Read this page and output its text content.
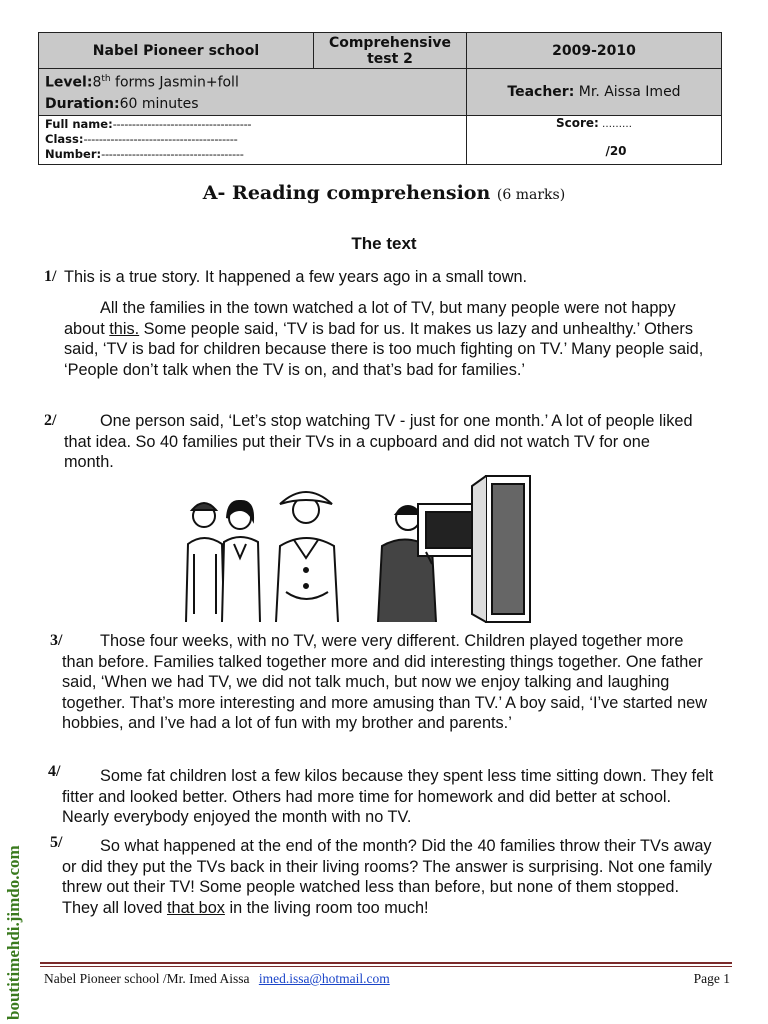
Nabel Pioneer school	Comprehensive test 2	2009-2010
Level:8th forms Jasmin+foll
Duration:60 minutes		Teacher: Mr. Aissa Imed
Full name:------------------------------------
Class:----------------------------------------
Number:-------------------------------------		Score: ………
/20
A- Reading comprehension (6 marks)
The text
1/ This is a true story. It happened a few years ago in a small town.
All the families in the town watched a lot of TV, but many people were not happy about this. Some people said, ‘TV is bad for us. It makes us lazy and unhealthy.’ Others said, ‘TV is bad for children because there is too much fighting on TV.’ Many people said, ‘People don’t talk when the TV is on, and that’s bad for families.’
2/	One person said, ‘Let’s stop watching TV - just for one month.’ A lot of people liked that idea. So 40 families put their TVs in a cupboard and did not watch TV for one month.
3/	Those four weeks, with no TV, were very different. Children played together more than before. Families talked together more and did interesting things together. One father said, ‘When we had TV, we did not talk much, but now we enjoy talking and laughing together. That’s more interesting and more amusing than TV.’ A boy said, ‘I’ve started new hobbies, and I’ve had a lot of fun with my brother and parents.’
4/	Some fat children lost a few kilos because they spent less time sitting down. They felt fitter and looked better. Others had more time for homework and did better at school. Nearly everybody enjoyed the month with no TV.
5/	So what happened at the end of the month? Did the 40 families throw their TVs away or did they put the TVs back in their living rooms? The answer is surprising. Not one family threw out their TV! Some people watched less than before, but none of them stopped. They all loved that box in the living room too much!
boutitimehdi.jimdo.com Nabel Pioneer school /Mr. Imed Aissa imed.issa@hotmail.com	Page 1
